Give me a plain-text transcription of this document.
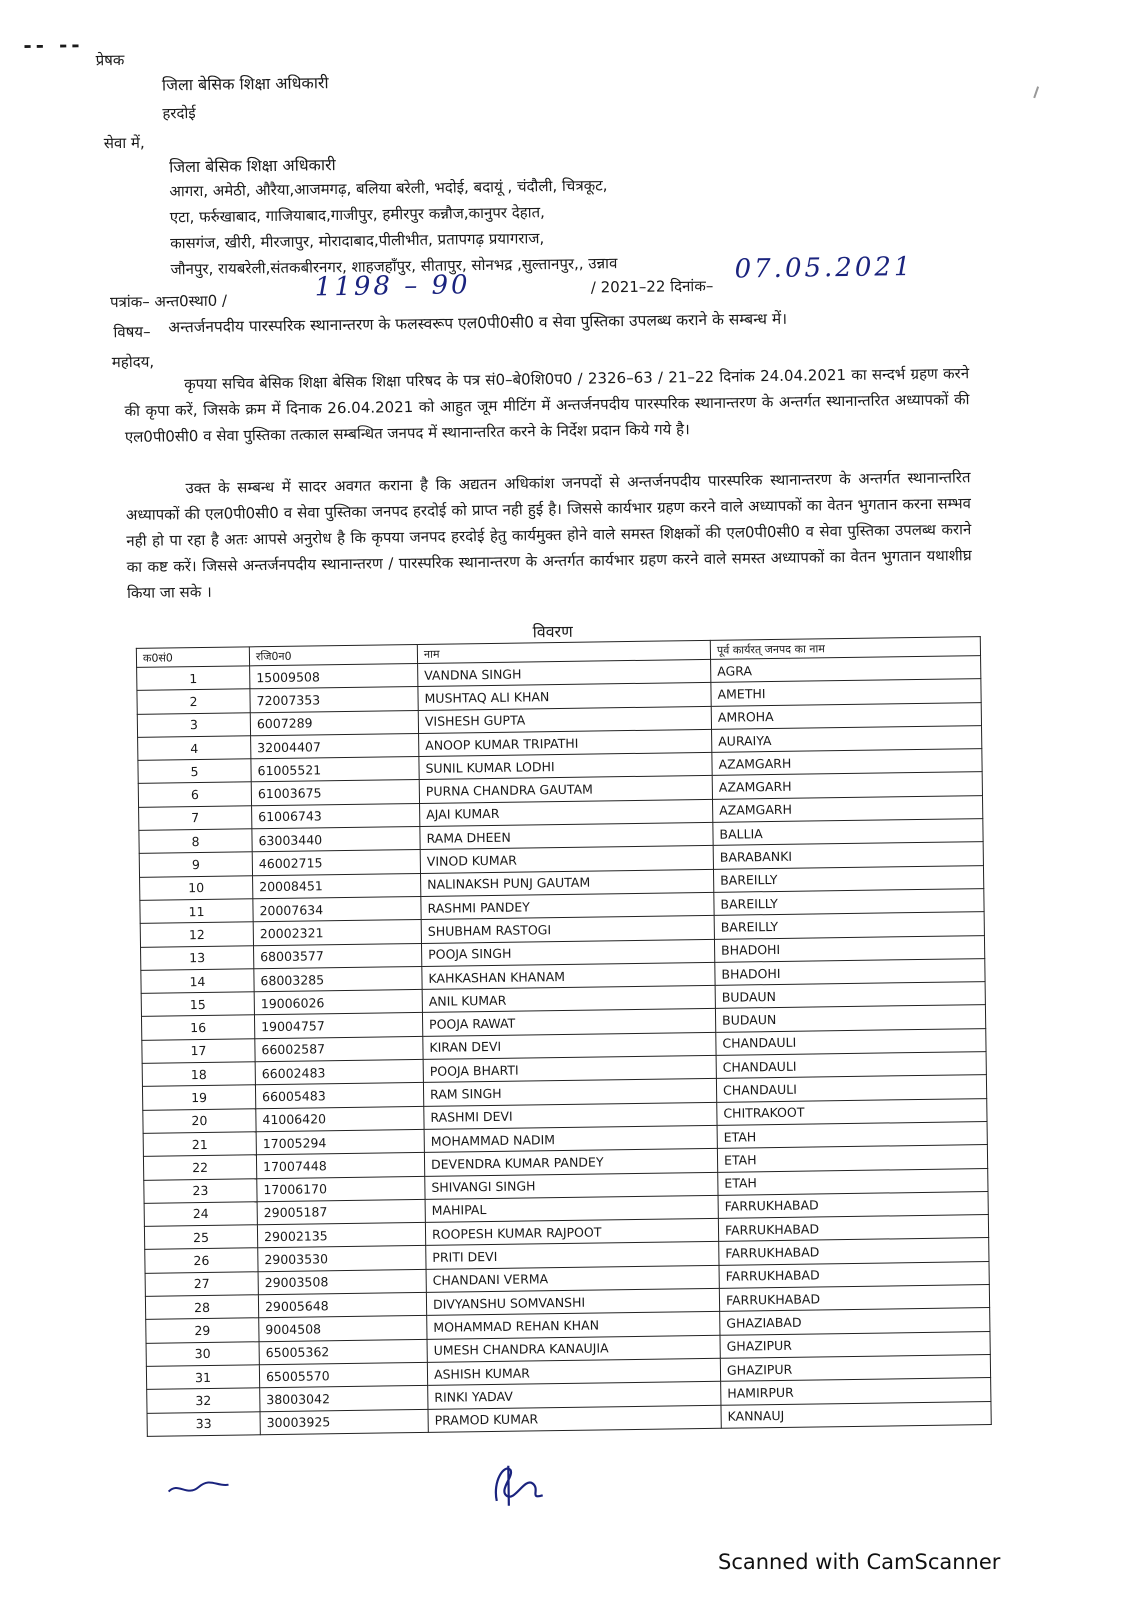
-- --
प्रेषक
जिला बेसिक शिक्षा अधिकारी
हरदोई
सेवा में,
जिला बेसिक शिक्षा अधिकारी
आगरा, अमेठी, औरैया,आजमगढ़, बलिया बरेली, भदोई, बदायूं , चंदौली, चित्रकूट,
एटा, फर्रुखाबाद, गाजियाबाद,गाजीपुर, हमीरपुर कन्नौज,कानुपर देहात,
कासगंज, खीरी, मीरजापुर, मोरादाबाद,पीलीभीत, प्रतापगढ़ प्रयागराज,
जौनपुर, रायबरेली,संतकबीरनगर, शाहजहाँपुर, सीतापुर, सोनभद्र ,सुल्तानपुर,, उन्नाव
पत्रांक– अन्त0स्था0 /	1198 – 90	/ 2021–22 दिनांक–
07.05.2021
विषय– अन्तर्जनपदीय पारस्परिक स्थानान्तरण के फलस्वरूप एल0पी0सी0 व सेवा पुस्तिका उपलब्ध कराने के सम्बन्ध में।
महोदय,
कृपया सचिव बेसिक शिक्षा बेसिक शिक्षा परिषद के पत्र सं0–बे0शि0प0 / 2326–63 / 21–22 दिनांक 24.04.2021 का सन्दर्भ ग्रहण करने की कृपा करें, जिसके क्रम में दिनाक 26.04.2021 को आहुत जूम मीटिंग में अन्तर्जनपदीय पारस्परिक स्थानान्तरण के अन्तर्गत स्थानान्तरित अध्यापकों की एल0पी0सी0 व सेवा पुस्तिका तत्काल सम्बन्धित जनपद में स्थानान्तरित करने के निर्देश प्रदान किये गये है।
उक्त के सम्बन्ध में सादर अवगत कराना है कि अद्यतन अधिकांश जनपदों से अन्तर्जनपदीय पारस्परिक स्थानान्तरण के अन्तर्गत स्थानान्तरित अध्यापकों की एल0पी0सी0 व सेवा पुस्तिका जनपद हरदोई को प्राप्त नही हुई है। जिससे कार्यभार ग्रहण करने वाले अध्यापकों का वेतन भुगतान करना सम्भव नही हो पा रहा है अतः आपसे अनुरोध है कि कृपया जनपद हरदोई हेतु कार्यमुक्त होने वाले समस्त शिक्षकों की एल0पी0सी0 व सेवा पुस्तिका उपलब्ध कराने का कष्ट करें। जिससे अन्तर्जनपदीय स्थानान्तरण / पारस्परिक स्थानान्तरण के अन्तर्गत कार्यभार ग्रहण करने वाले समस्त अध्यापकों का वेतन भुगतान यथाशीघ्र किया जा सके ।
विवरण
क0सं0	रजि0न0	नाम	पूर्व कार्यरत् जनपद का नाम
1	15009508	VANDNA SINGH	AGRA
2	72007353	MUSHTAQ ALI KHAN	AMETHI
3	6007289	VISHESH GUPTA	AMROHA
4	32004407	ANOOP KUMAR TRIPATHI	AURAIYA
5	61005521	SUNIL KUMAR LODHI	AZAMGARH
6	61003675	PURNA CHANDRA GAUTAM	AZAMGARH
7	61006743	AJAI KUMAR	AZAMGARH
8	63003440	RAMA DHEEN	BALLIA
9	46002715	VINOD KUMAR	BARABANKI
10	20008451	NALINAKSH PUNJ GAUTAM	BAREILLY
11	20007634	RASHMI PANDEY	BAREILLY
12	20002321	SHUBHAM RASTOGI	BAREILLY
13	68003577	POOJA SINGH	BHADOHI
14	68003285	KAHKASHAN KHANAM	BHADOHI
15	19006026	ANIL KUMAR	BUDAUN
16	19004757	POOJA RAWAT	BUDAUN
17	66002587	KIRAN DEVI	CHANDAULI
18	66002483	POOJA BHARTI	CHANDAULI
19	66005483	RAM SINGH	CHANDAULI
20	41006420	RASHMI DEVI	CHITRAKOOT
21	17005294	MOHAMMAD NADIM	ETAH
22	17007448	DEVENDRA KUMAR PANDEY	ETAH
23	17006170	SHIVANGI SINGH	ETAH
24	29005187	MAHIPAL	FARRUKHABAD
25	29002135	ROOPESH KUMAR RAJPOOT	FARRUKHABAD
26	29003530	PRITI DEVI	FARRUKHABAD
27	29003508	CHANDANI VERMA	FARRUKHABAD
28	29005648	DIVYANSHU SOMVANSHI	FARRUKHABAD
29	9004508	MOHAMMAD REHAN KHAN	GHAZIABAD
30	65005362	UMESH CHANDRA KANAUJIA	GHAZIPUR
31	65005570	ASHISH KUMAR	GHAZIPUR
32	38003042	RINKI YADAV	HAMIRPUR
33	30003925	PRAMOD KUMAR	KANNAUJ
Scanned with CamScanner
